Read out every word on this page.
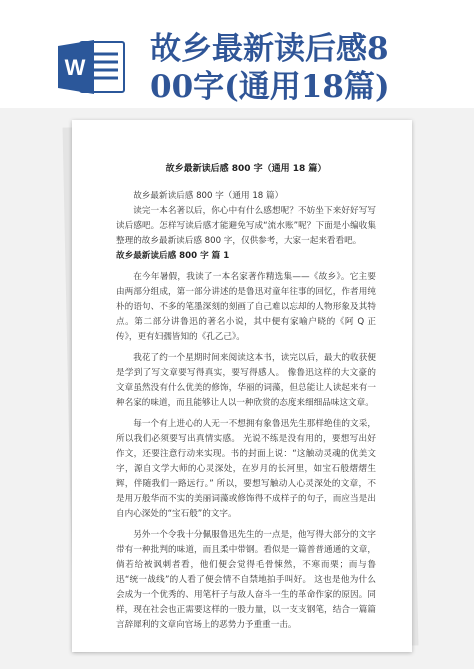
W
故乡最新读后感8
00字(通用18篇)
故乡最新读后感 800 字（通用 18 篇）
故乡最新读后感 800 字（通用 18 篇）
读完一本名著以后，你心中有什么感想呢？不妨坐下来好好写写读后感吧。怎样写读后感才能避免写成“流水账”呢？下面是小编收集整理的故乡最新读后感 800 字，仅供参考，大家一起来看看吧。
故乡最新读后感 800 字 篇 1
在今年暑假，我读了一本名家著作精选集——《故乡》。它主要由两部分组成，第一部分讲述的是鲁迅对童年往事的回忆，作者用纯朴的语句、不多的笔墨深刻的刻画了自己难以忘却的人物形象及其特点。第二部分讲鲁迅的著名小说，其中便有家喻户晓的《阿 Q 正传》，更有妇孺皆知的《孔乙己》。
我花了约一个星期时间来阅读这本书，读完以后，最大的收获便是学到了写文章要写得真实，要写得感人。 像鲁迅这样的大文豪的文章虽然没有什么优美的修饰，华丽的词藻，但总能让人读起来有一种名家的味道，而且能够让人以一种欣赏的态度来细细品味这文章。
每一个有上进心的人无一不想拥有象鲁迅先生那样绝佳的文采，所以我们必须要写出真情实感。 光说不练是没有用的，要想写出好作文，还要注意行动来实现。书的封面上说：“这触动灵魂的优美文字，源自文学大师的心灵深处，在岁月的长河里，如宝石般熠熠生辉，伴随我们一路远行。” 所以，要想写触动人心灵深处的文章，不是用万般华而不实的美丽词藻或修饰得不成样子的句子，而应当是出自内心深处的“宝石般”的文字。
另外一个令我十分佩服鲁迅先生的一点是，他写得大部分的文字带有一种批判的味道，而且柔中带钢。看似是一篇普普通通的文章，倘若给被讽刺者看，他们便会觉得毛骨悚然，不寒而栗；而与鲁迅“统一战线”的人看了便会情不自禁地拍手叫好。 这也是他为什么会成为一个优秀的、用笔杆子与敌人奋斗一生的革命作家的原因。同样，现在社会也正需要这样的一股力量，以一支支钢笔，结合一篇篇言辞犀利的文章向官场上的恶势力予重重一击。
